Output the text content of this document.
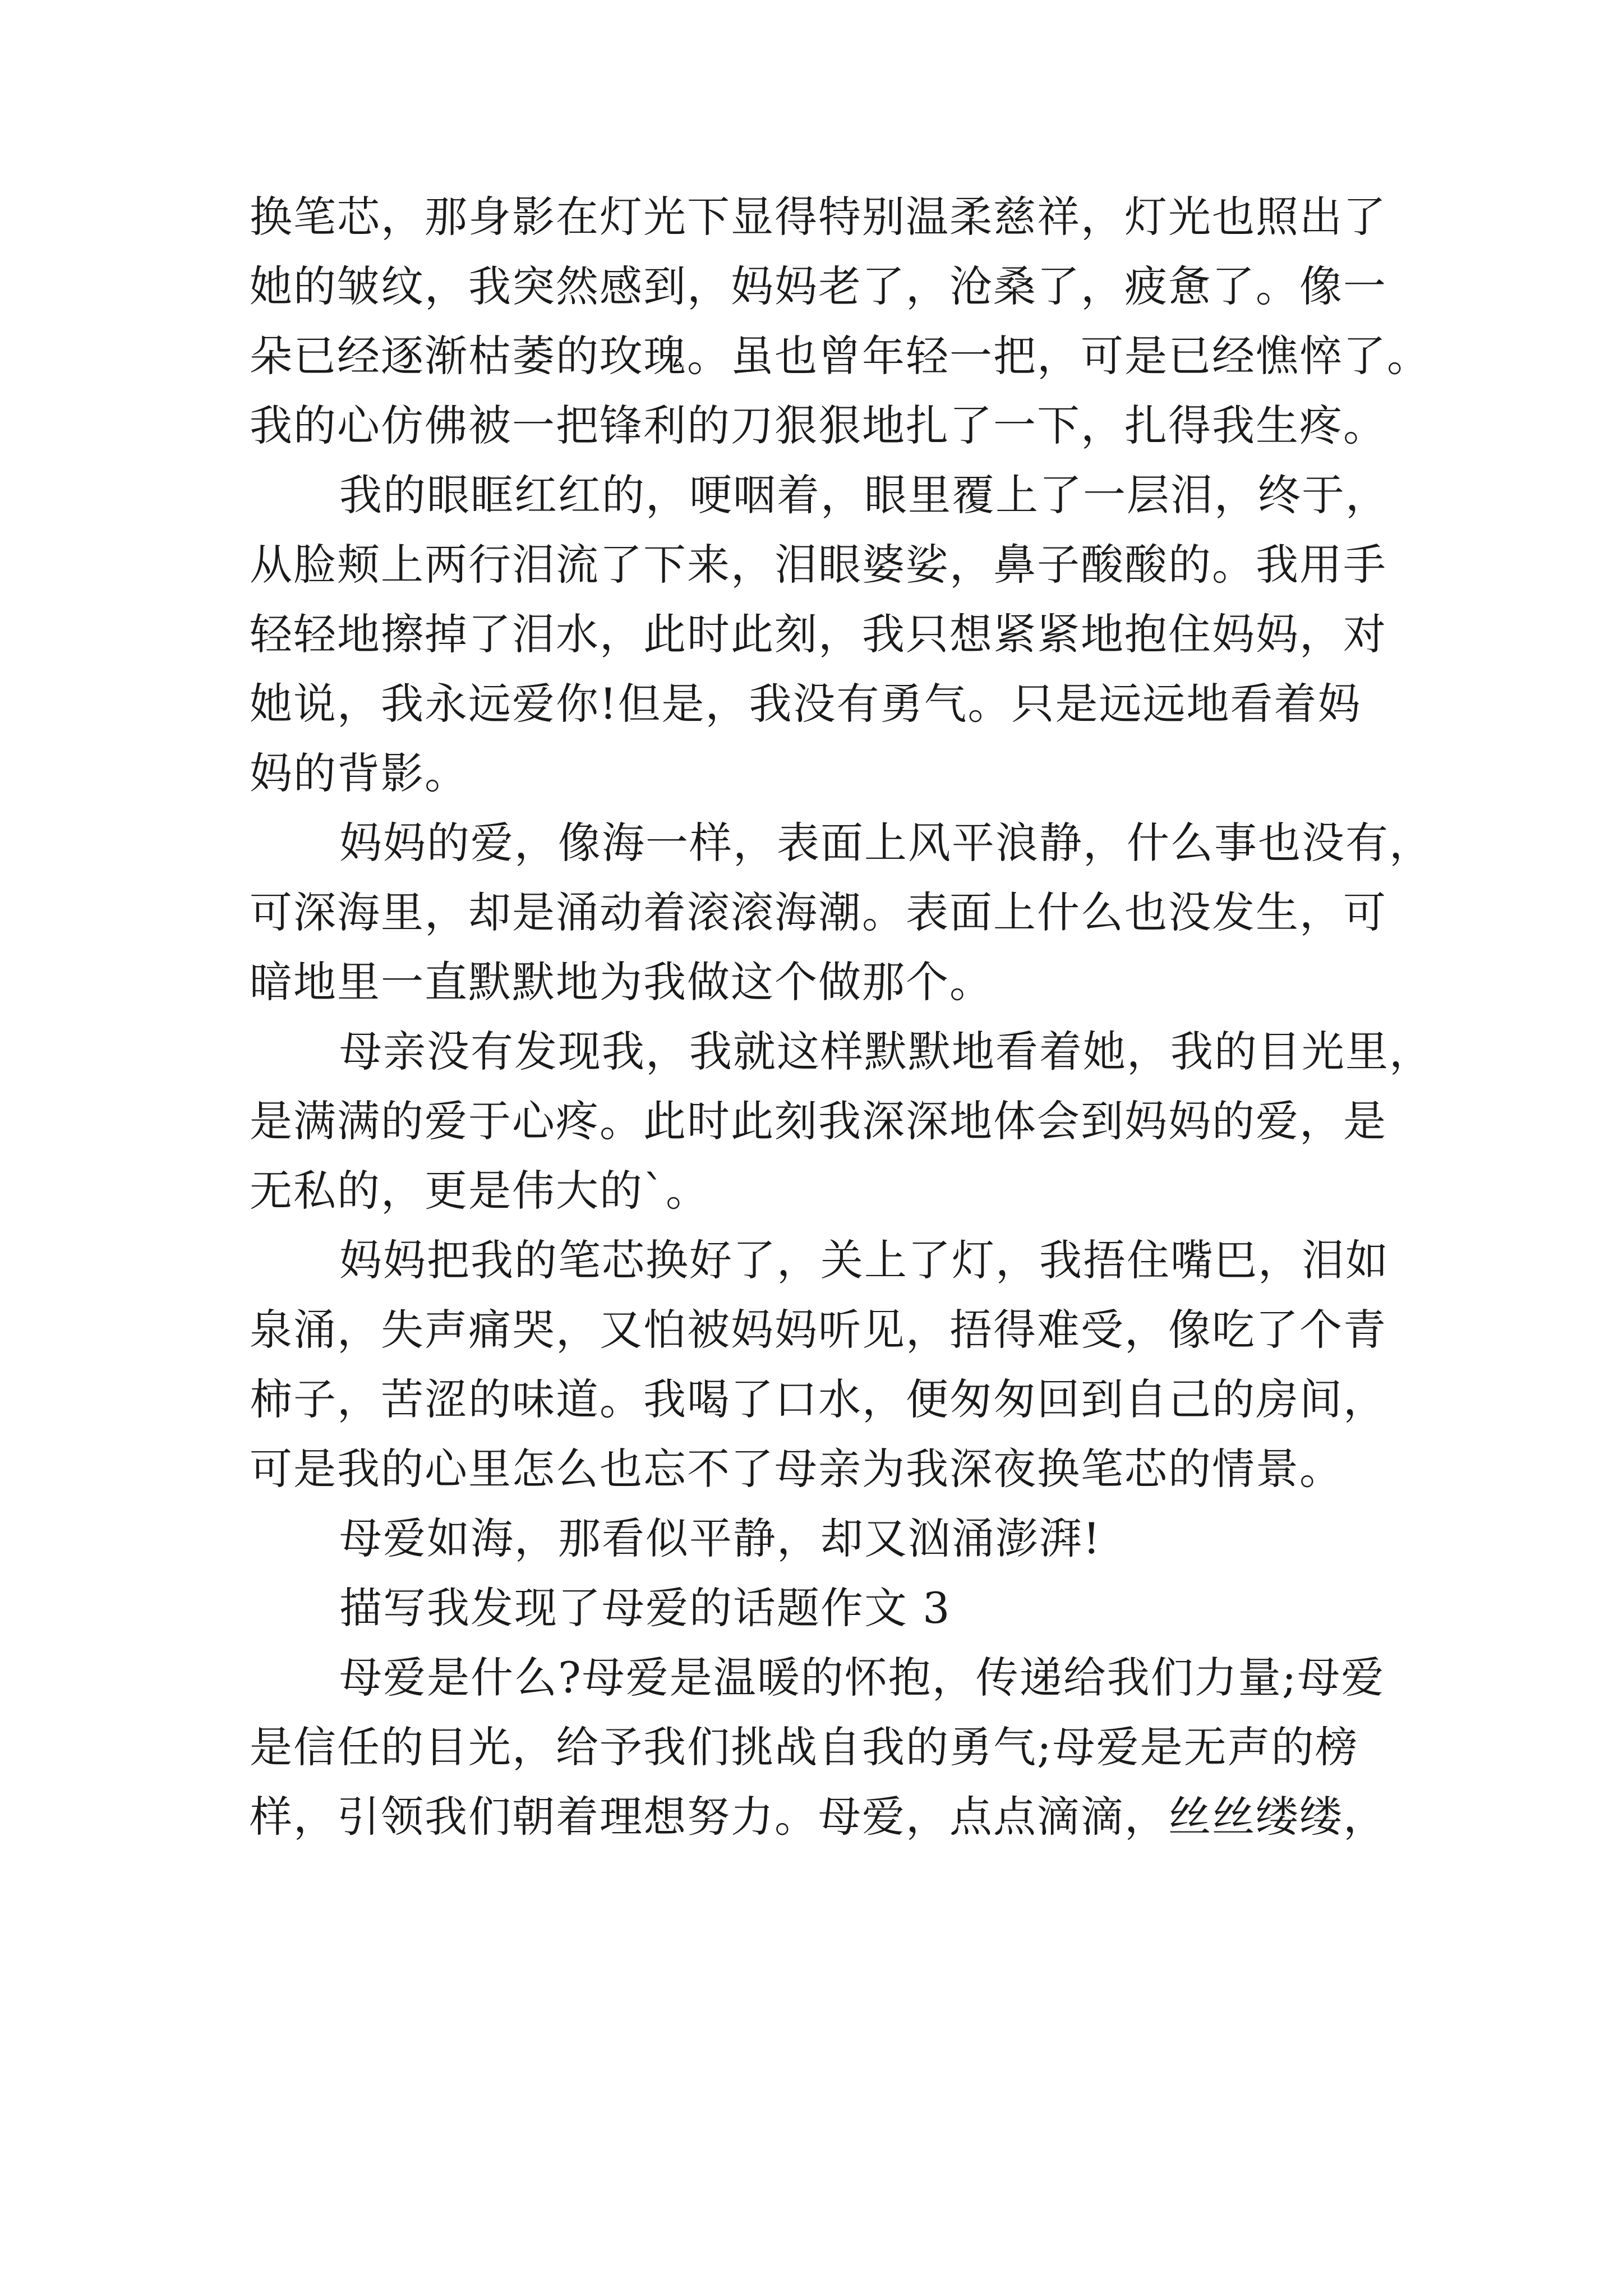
换笔芯，那身影在灯光下显得特别温柔慈祥，灯光也照出了
她的皱纹，我突然感到，妈妈老了，沧桑了，疲惫了。像一
朵已经逐渐枯萎的玫瑰。虽也曾年轻一把，可是已经憔悴了。
我的心仿佛被一把锋利的刀狠狠地扎了一下，扎得我生疼。
我的眼眶红红的，哽咽着，眼里覆上了一层泪，终于，
从脸颊上两行泪流了下来，泪眼婆娑，鼻子酸酸的。我用手
轻轻地擦掉了泪水，此时此刻，我只想紧紧地抱住妈妈，对
她说，我永远爱你!但是，我没有勇气。只是远远地看着妈
妈的背影。
妈妈的爱，像海一样，表面上风平浪静，什么事也没有，
可深海里，却是涌动着滚滚海潮。表面上什么也没发生，可
暗地里一直默默地为我做这个做那个。
母亲没有发现我，我就这样默默地看着她，我的目光里，
是满满的爱于心疼。此时此刻我深深地体会到妈妈的爱，是
无私的，更是伟大的`。
妈妈把我的笔芯换好了，关上了灯，我捂住嘴巴，泪如
泉涌，失声痛哭，又怕被妈妈听见，捂得难受，像吃了个青
柿子，苦涩的味道。我喝了口水，便匆匆回到自己的房间，
可是我的心里怎么也忘不了母亲为我深夜换笔芯的情景。
母爱如海，那看似平静，却又汹涌澎湃!
描写我发现了母爱的话题作文 3
母爱是什么?母爱是温暖的怀抱，传递给我们力量;母爱
是信任的目光，给予我们挑战自我的勇气;母爱是无声的榜
样，引领我们朝着理想努力。母爱，点点滴滴，丝丝缕缕，
